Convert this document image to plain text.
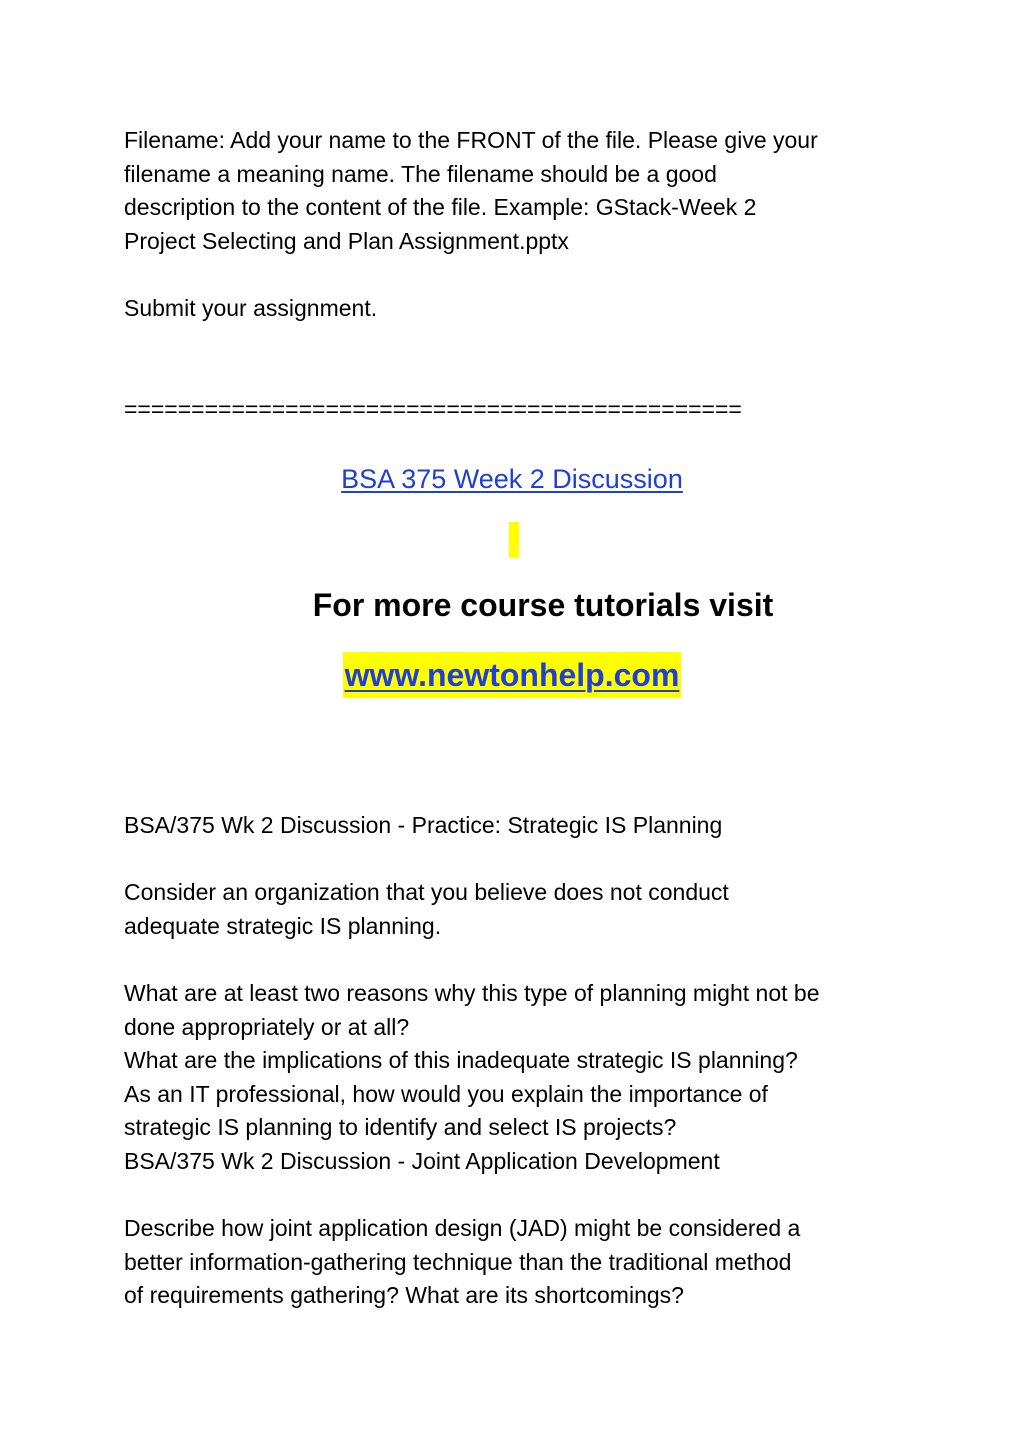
Filename: Add your name to the FRONT of the file. Please give your
filename a meaning name. The filename should be a good
description to the content of the file. Example: GStack-Week 2
Project Selecting and Plan Assignment.pptx

Submit your assignment.

==============================================

BSA 375 Week 2 Discussion

For more course tutorials visit

www.newtonhelp.com

BSA/375 Wk 2 Discussion - Practice: Strategic IS Planning

Consider an organization that you believe does not conduct
adequate strategic IS planning.

What are at least two reasons why this type of planning might not be
done appropriately or at all?
What are the implications of this inadequate strategic IS planning?
As an IT professional, how would you explain the importance of
strategic IS planning to identify and select IS projects?
BSA/375 Wk 2 Discussion - Joint Application Development

Describe how joint application design (JAD) might be considered a
better information-gathering technique than the traditional method
of requirements gathering? What are its shortcomings?
